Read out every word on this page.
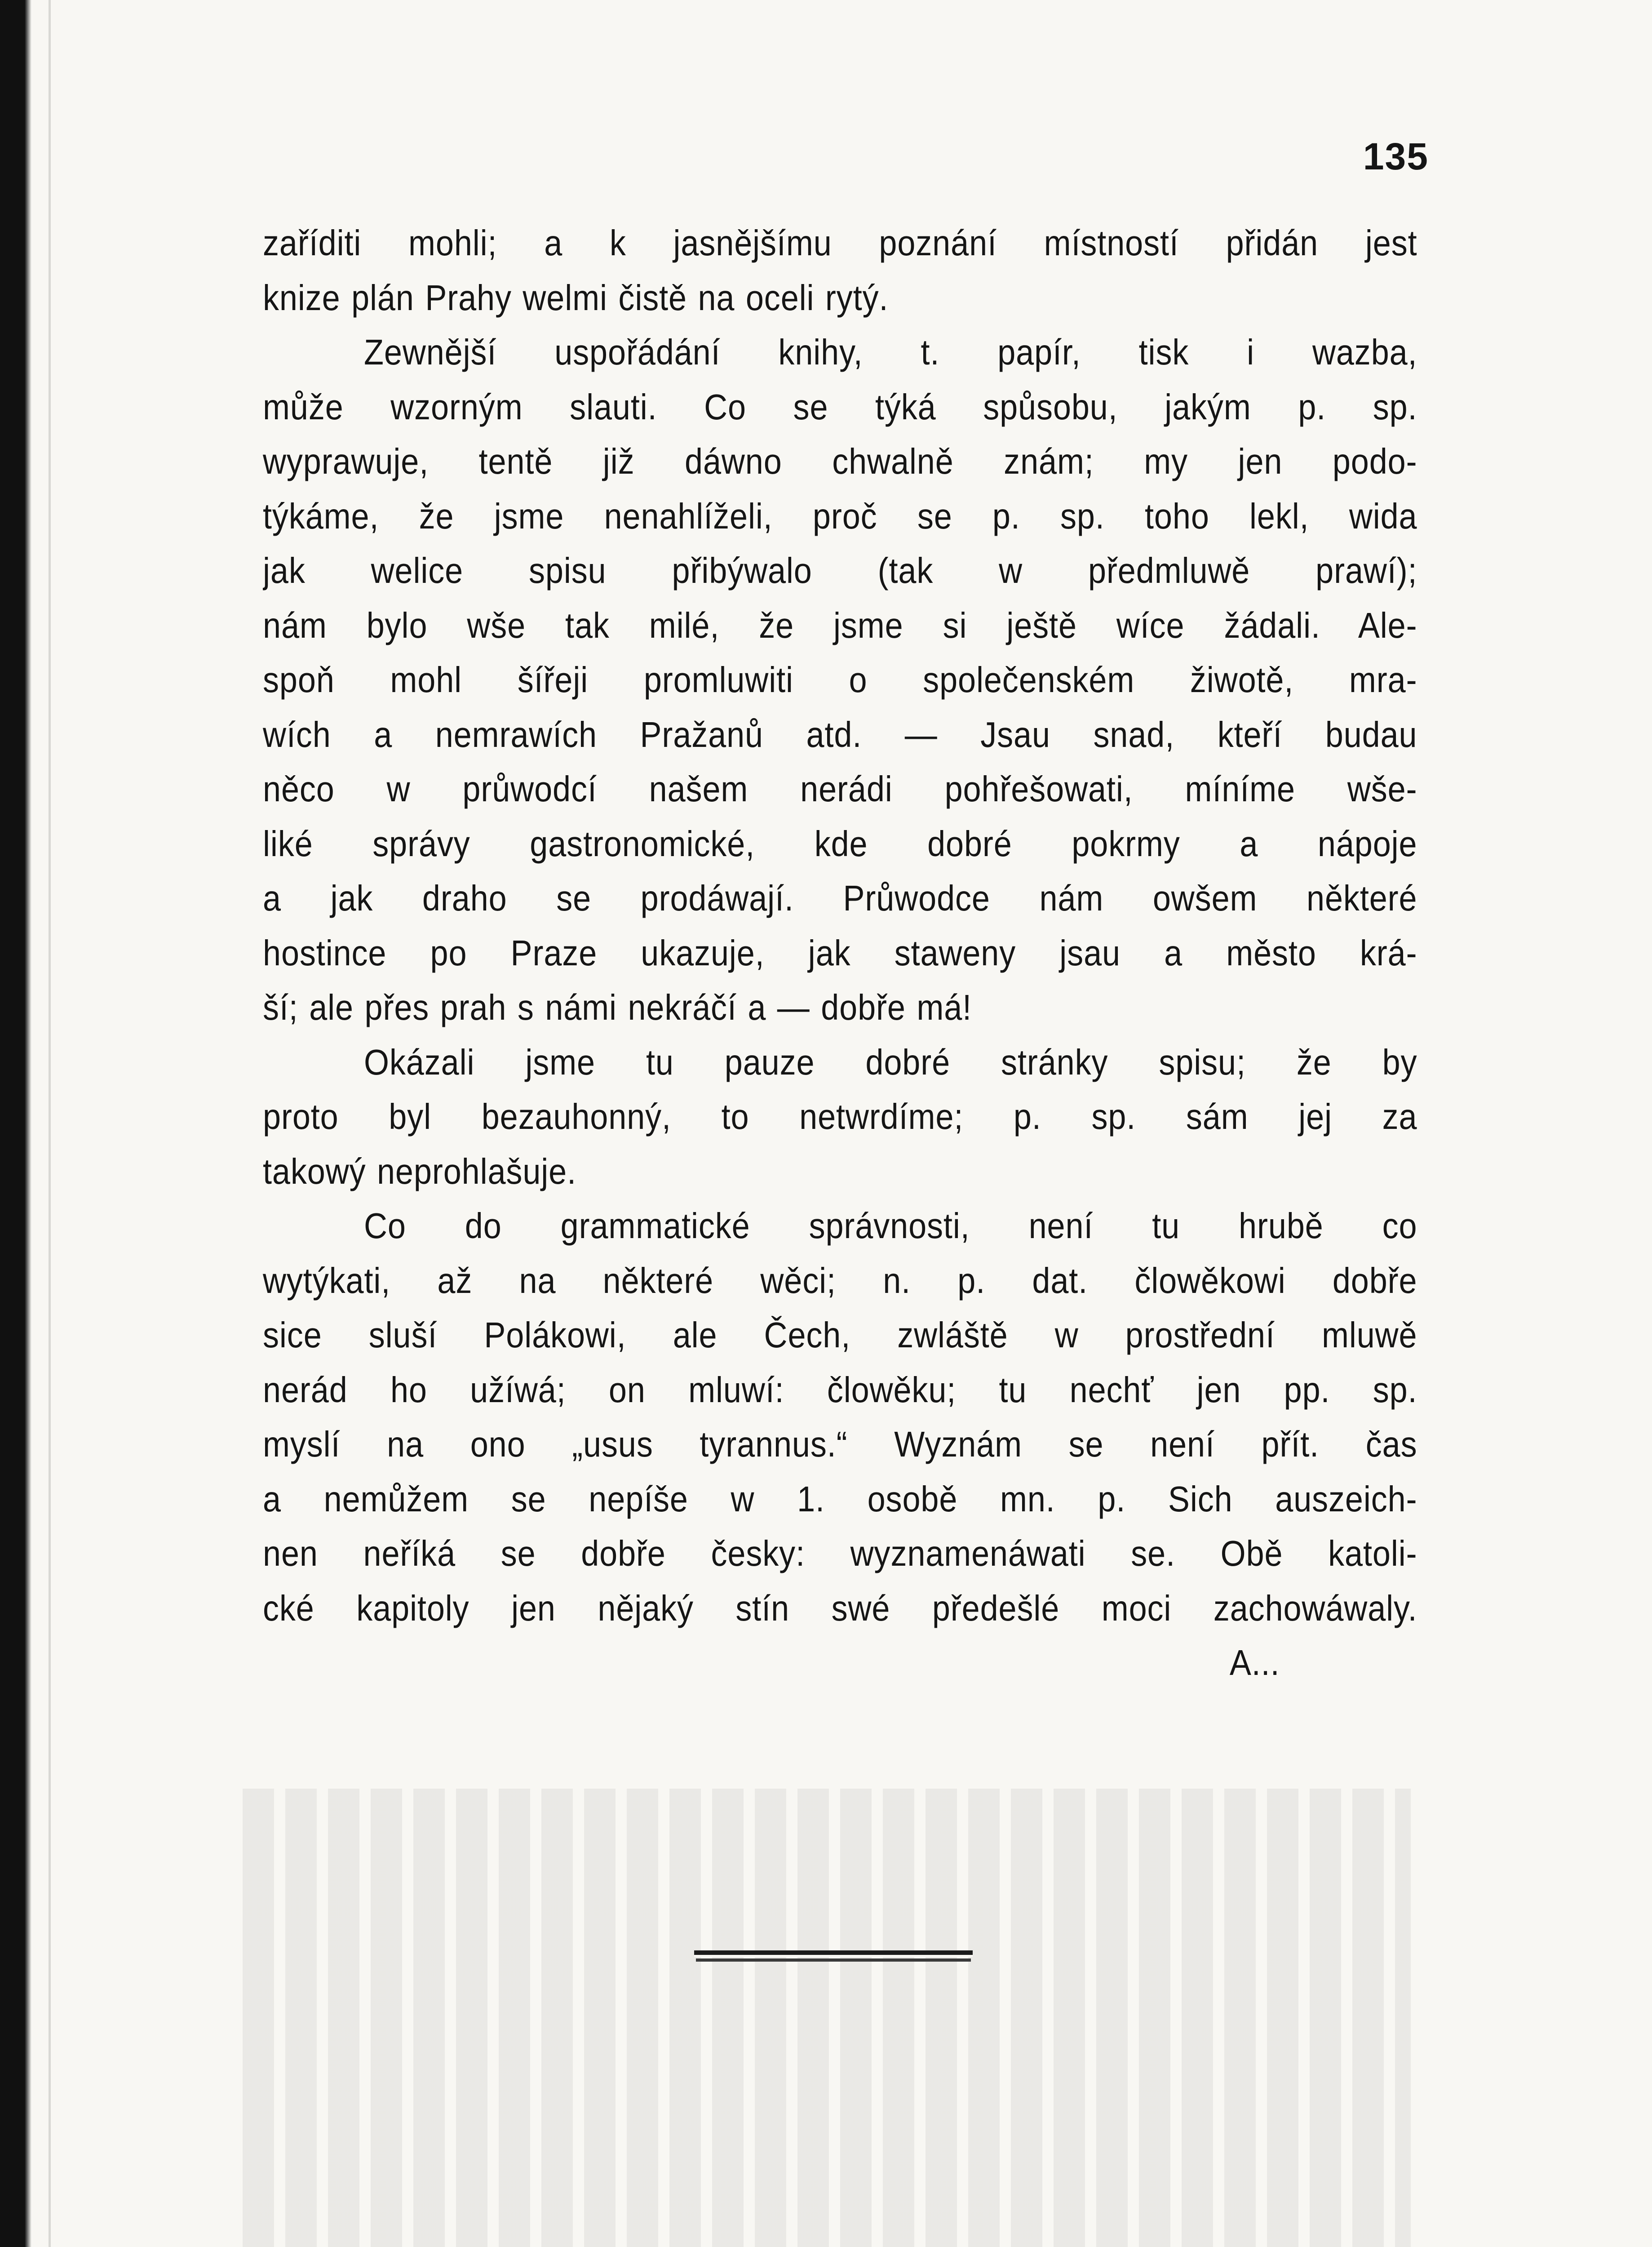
135
zaříditi mohli; a k jasnějšímu poznání místností přidán jest
knize plán Prahy welmi čistě na oceli rytý.
Zewnější uspořádání knihy, t. papír, tisk i wazba,
může wzorným slauti. Co se týká spůsobu, jakým p. sp.
wyprawuje, tentě již dáwno chwalně znám; my jen podo-
týkáme, že jsme nenahlíželi, proč se p. sp. toho lekl, wida
jak welice spisu přibýwalo (tak w předmluwě prawí);
nám bylo wše tak milé, že jsme si ještě wíce žádali. Ale-
spoň mohl šířeji promluwiti o společenském žiwotě, mra-
wích a nemrawích Pražanů atd. — Jsau snad, kteří budau
něco w průwodcí našem nerádi pohřešowati, míníme wše-
liké správy gastronomické, kde dobré pokrmy a nápoje
a jak draho se prodáwají. Průwodce nám owšem některé
hostince po Praze ukazuje, jak staweny jsau a město krá-
ší; ale přes prah s námi nekráčí a — dobře má!
Okázali jsme tu pauze dobré stránky spisu; že by
proto byl bezauhonný, to netwrdíme; p. sp. sám jej za
takowý neprohlašuje.
Co do grammatické správnosti, není tu hrubě co
wytýkati, až na některé wěci; n. p. dat. člowěkowi dobře
sice sluší Polákowi, ale Čech, zwláště w prostřední mluwě
nerád ho užíwá; on mluwí: člowěku; tu nechť jen pp. sp.
myslí na ono „usus tyrannus.“ Wyznám se není přít. čas
a nemůžem se nepíše w 1. osobě mn. p. Sich auszeich-
nen neříká se dobře česky: wyznamenáwati se. Obě katoli-
cké kapitoly jen nějaký stín swé předešlé moci zachowáwaly.
A...
